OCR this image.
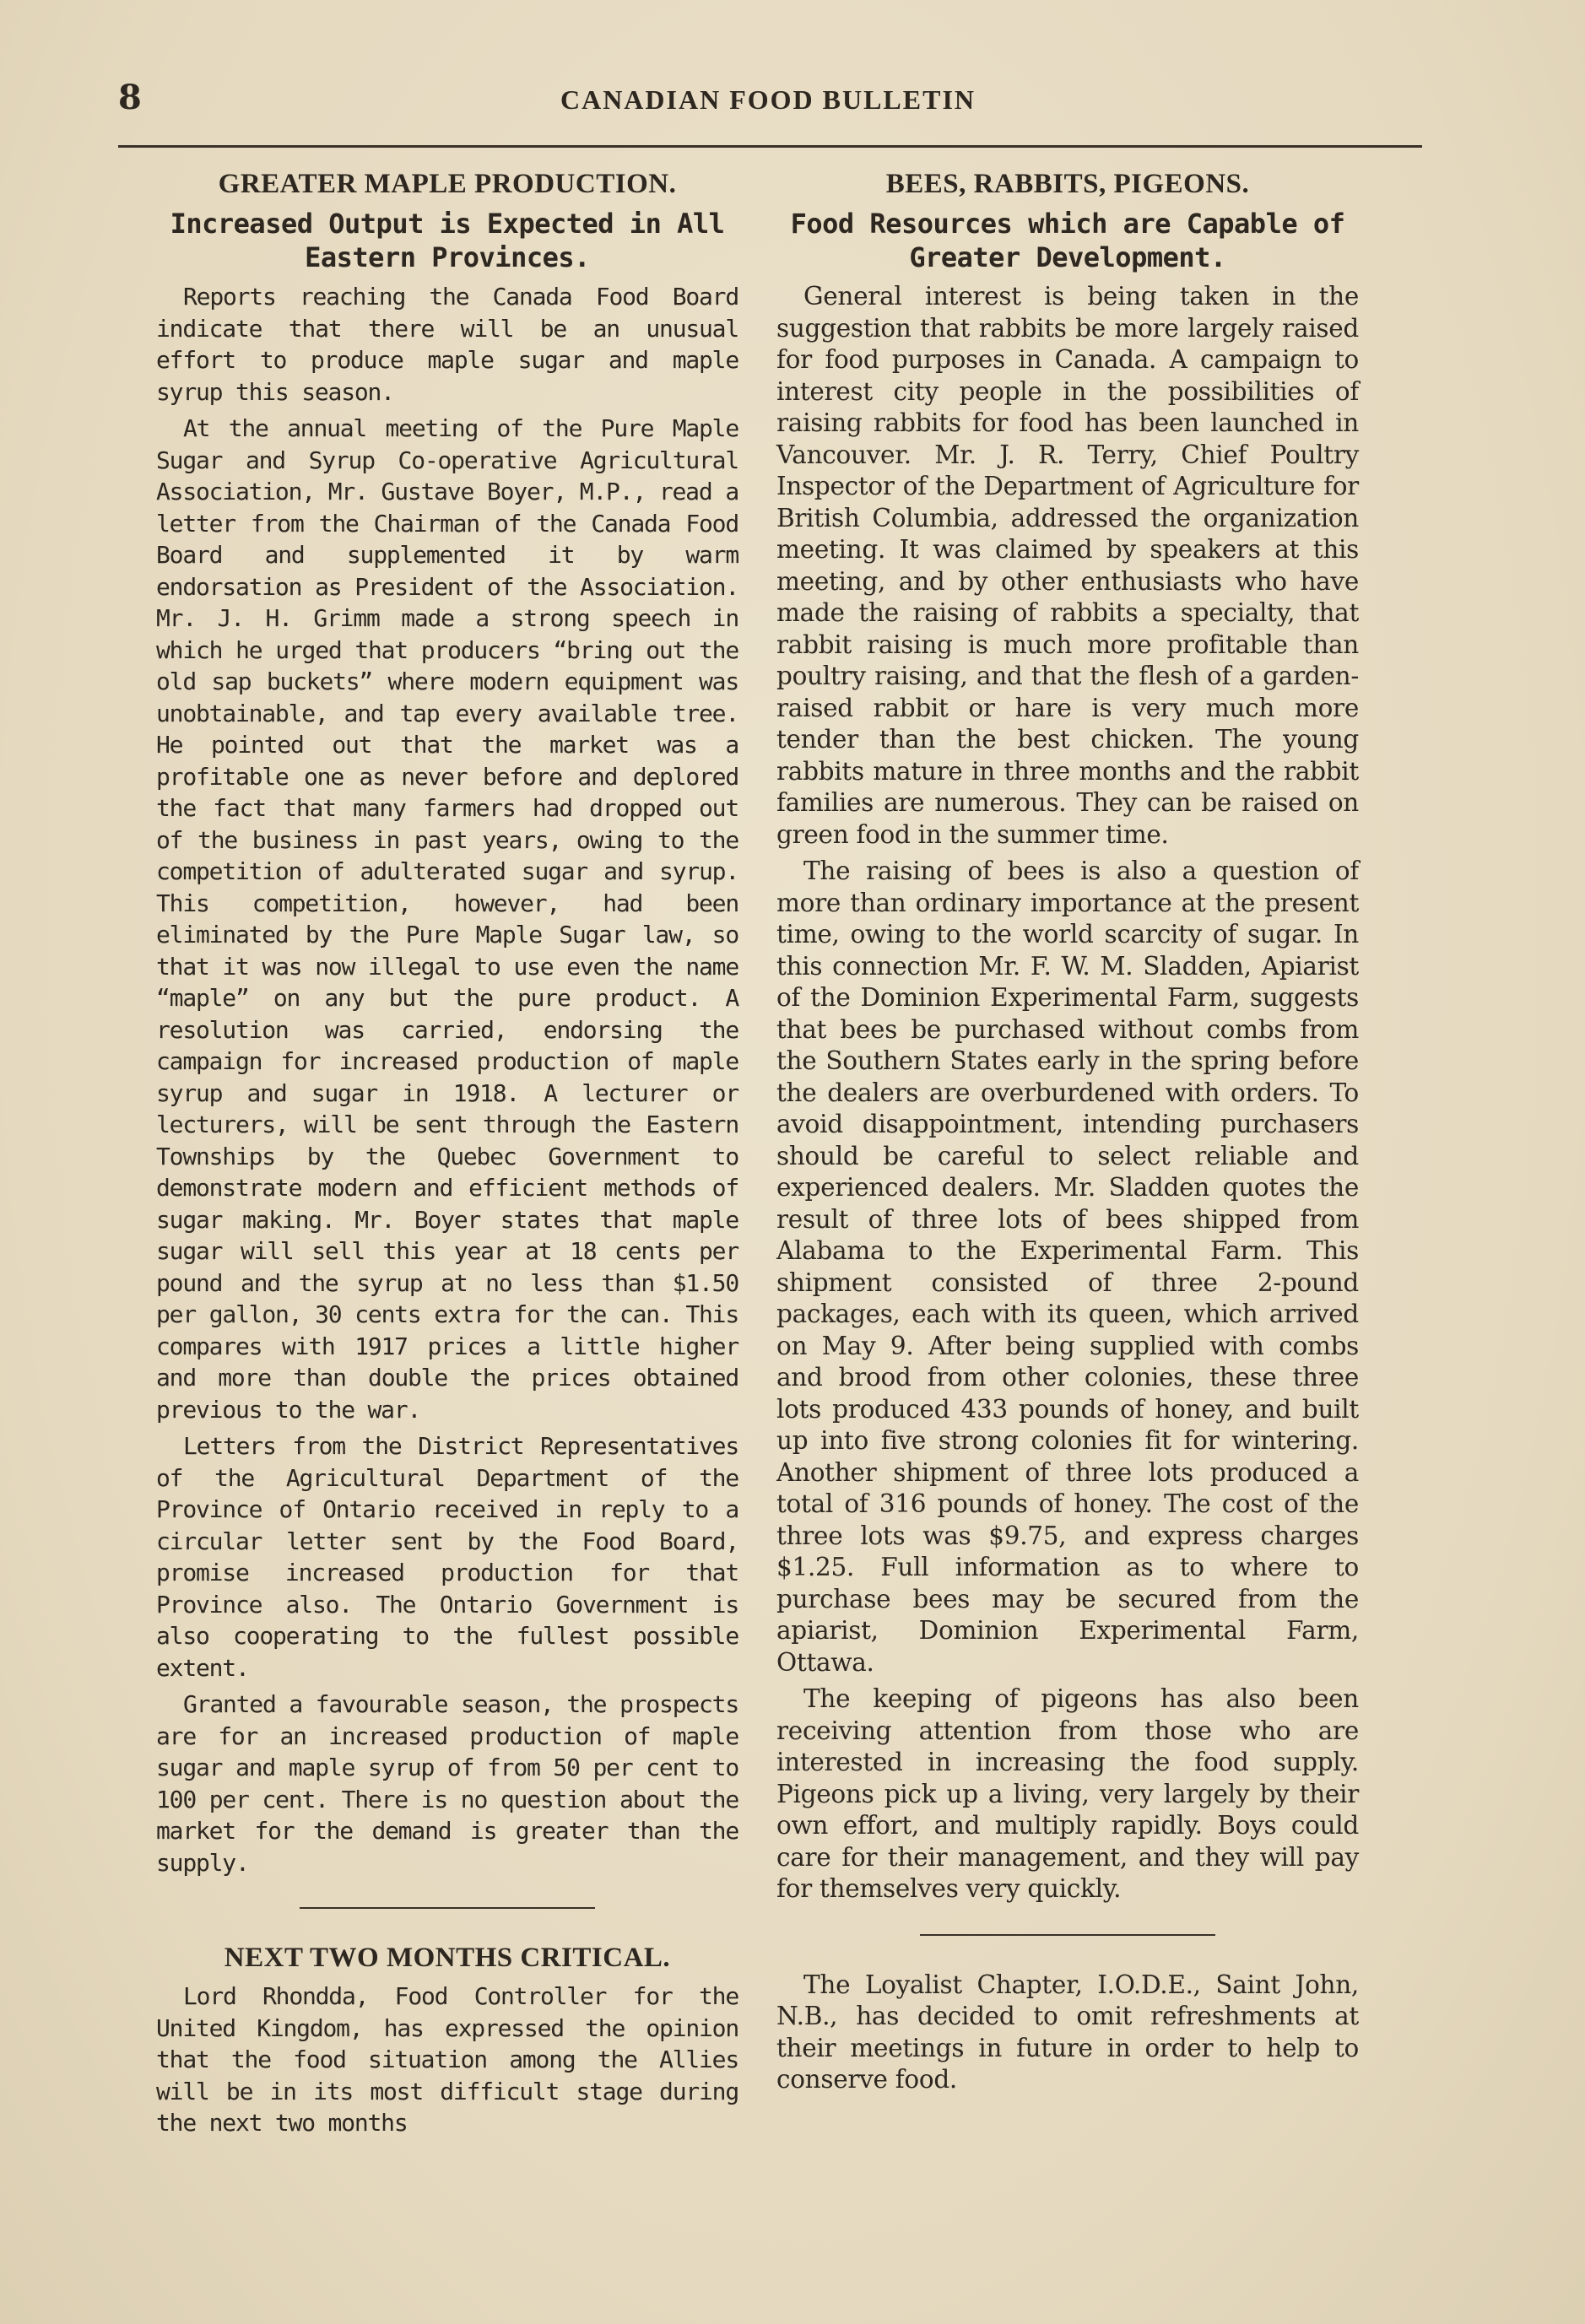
8	CANADIAN FOOD BULLETIN
GREATER MAPLE PRODUCTION.
Increased Output is Expected in All Eastern Provinces.

Reports reaching the Canada Food Board indicate that there will be an unusual effort to produce maple sugar and maple syrup this season.

At the annual meeting of the Pure Maple Sugar and Syrup Co-operative Agricultural Association, Mr. Gustave Boyer, M.P., read a letter from the Chairman of the Canada Food Board and supplemented it by warm endorsation as President of the Association. Mr. J. H. Grimm made a strong speech in which he urged that producers “bring out the old sap buckets” where modern equipment was unobtainable, and tap every available tree. He pointed out that the market was a profitable one as never before and deplored the fact that many farmers had dropped out of the business in past years, owing to the competition of adulterated sugar and syrup. This competition, however, had been eliminated by the Pure Maple Sugar law, so that it was now illegal to use even the name “maple” on any but the pure product. A resolution was carried, endorsing the campaign for increased production of maple syrup and sugar in 1918. A lecturer or lecturers, will be sent through the Eastern Townships by the Quebec Government to demonstrate modern and efficient methods of sugar making. Mr. Boyer states that maple sugar will sell this year at 18 cents per pound and the syrup at no less than $1.50 per gallon, 30 cents extra for the can. This compares with 1917 prices a little higher and more than double the prices obtained previous to the war.

Letters from the District Representatives of the Agricultural Department of the Province of Ontario received in reply to a circular letter sent by the Food Board, promise increased production for that Province also. The Ontario Government is also cooperating to the fullest possible extent.

Granted a favourable season, the prospects are for an increased production of maple sugar and maple syrup of from 50 per cent to 100 per cent. There is no question about the market for the demand is greater than the supply.

NEXT TWO MONTHS CRITICAL.

Lord Rhondda, Food Controller for the United Kingdom, has expressed the opinion that the food situation among the Allies will be in its most difficult stage during the next two months

BEES, RABBITS, PIGEONS.
Food Resources which are Capable of Greater Development.

General interest is being taken in the suggestion that rabbits be more largely raised for food purposes in Canada. A campaign to interest city people in the possibilities of raising rabbits for food has been launched in Vancouver. Mr. J. R. Terry, Chief Poultry Inspector of the Department of Agriculture for British Columbia, addressed the organization meeting. It was claimed by speakers at this meeting, and by other enthusiasts who have made the raising of rabbits a specialty, that rabbit raising is much more profitable than poultry raising, and that the flesh of a garden-raised rabbit or hare is very much more tender than the best chicken. The young rabbits mature in three months and the rabbit families are numerous. They can be raised on green food in the summer time.

The raising of bees is also a question of more than ordinary importance at the present time, owing to the world scarcity of sugar. In this connection Mr. F. W. M. Sladden, Apiarist of the Dominion Experimental Farm, suggests that bees be purchased without combs from the Southern States early in the spring before the dealers are overburdened with orders. To avoid disappointment, intending purchasers should be careful to select reliable and experienced dealers. Mr. Sladden quotes the result of three lots of bees shipped from Alabama to the Experimental Farm. This shipment consisted of three 2-pound packages, each with its queen, which arrived on May 9. After being supplied with combs and brood from other colonies, these three lots produced 433 pounds of honey, and built up into five strong colonies fit for wintering. Another shipment of three lots produced a total of 316 pounds of honey. The cost of the three lots was $9.75, and express charges $1.25. Full information as to where to purchase bees may be secured from the apiarist, Dominion Experimental Farm, Ottawa.

The keeping of pigeons has also been receiving attention from those who are interested in increasing the food supply. Pigeons pick up a living, very largely by their own effort, and multiply rapidly. Boys could care for their management, and they will pay for themselves very quickly.

The Loyalist Chapter, I.O.D.E., Saint John, N.B., has decided to omit refreshments at their meetings in future in order to help to conserve food.
